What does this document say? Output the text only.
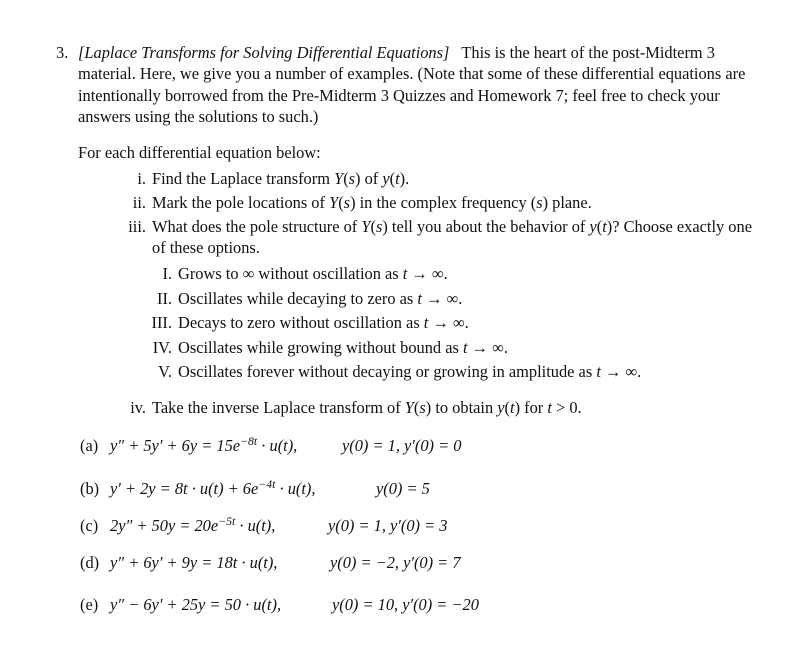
3. [Laplace Transforms for Solving Differential Equations] This is the heart of the post-Midterm 3 material. Here, we give you a number of examples. (Note that some of these differential equations are intentionally borrowed from the Pre-Midterm 3 Quizzes and Homework 7; feel free to check your answers using the solutions to such.)
For each differential equation below:
i. Find the Laplace transform Y(s) of y(t).
ii. Mark the pole locations of Y(s) in the complex frequency (s) plane.
iii. What does the pole structure of Y(s) tell you about the behavior of y(t)? Choose exactly one of these options.
I. Grows to ∞ without oscillation as t → ∞.
II. Oscillates while decaying to zero as t → ∞.
III. Decays to zero without oscillation as t → ∞.
IV. Oscillates while growing without bound as t → ∞.
V. Oscillates forever without decaying or growing in amplitude as t → ∞.
iv. Take the inverse Laplace transform of Y(s) to obtain y(t) for t > 0.
(a) $y'' + 5y' + 6y = 15e^{-8t} \cdot u(t)$,	y(0) = 1, y′(0) = 0
(b) $y' + 2y = 8t \cdot u(t) + 6e^{-4t} \cdot u(t)$,	y(0) = 5
(c) $2y'' + 50y = 20e^{-5t} \cdot u(t)$,	y(0) = 1, y′(0) = 3
(d) y″ + 6y′ + 9y = 18t · u(t),	y(0) = −2, y′(0) = 7
(e) y″ − 6y′ + 25y = 50 · u(t),	y(0) = 10, y′(0) = −20
